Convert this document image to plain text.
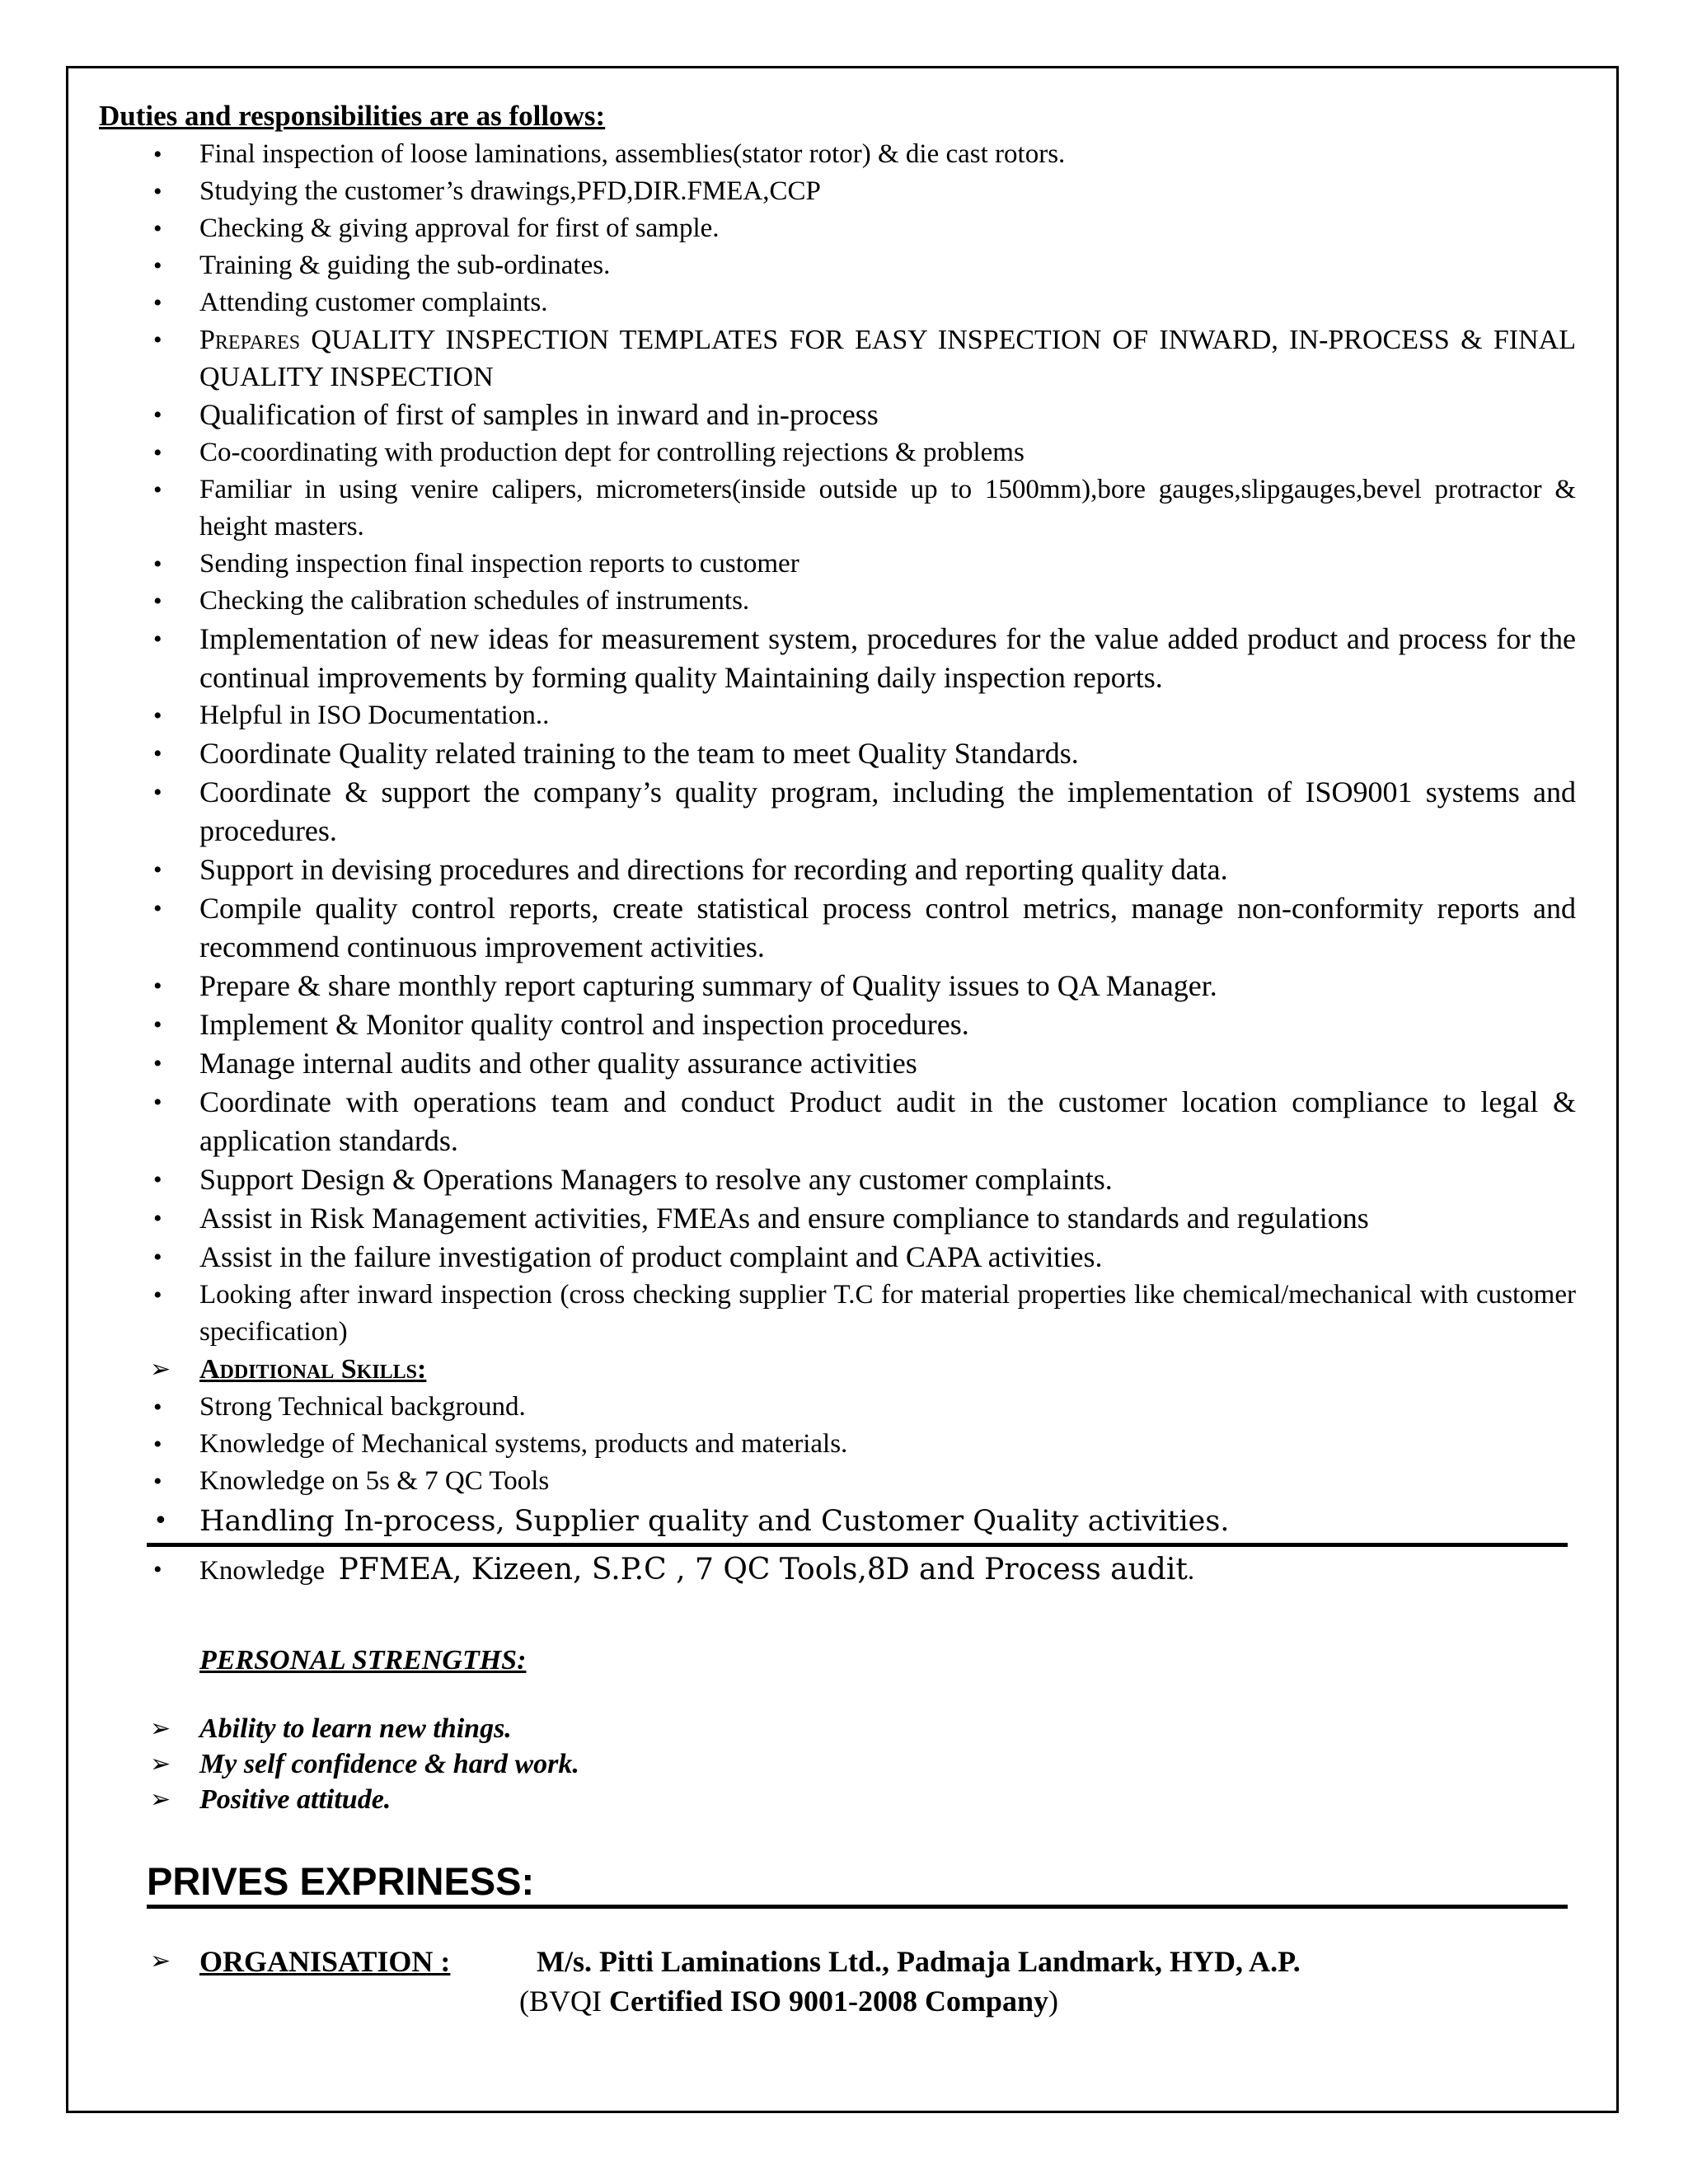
Duties and responsibilities are as follows:
• Final inspection of loose laminations, assemblies(stator rotor) & die cast rotors.
• Studying the customer’s drawings,PFD,DIR.FMEA,CCP
• Checking & giving approval for first of sample.
• Training & guiding the sub-ordinates.
• Attending customer complaints.
• Prepares QUALITY INSPECTION TEMPLATES FOR EASY INSPECTION OF INWARD, IN-PROCESS & FINAL QUALITY INSPECTION
• Qualification of first of samples in inward and in-process
• Co-coordinating with production dept for controlling rejections & problems
• Familiar in using venire calipers, micrometers(inside outside up to 1500mm),bore gauges,slipgauges,bevel protractor & height masters.
• Sending inspection final inspection reports to customer
• Checking the calibration schedules of instruments.
• Implementation of new ideas for measurement system, procedures for the value added product and process for the continual improvements by forming quality Maintaining daily inspection reports.
• Helpful in ISO Documentation..
• Coordinate Quality related training to the team to meet Quality Standards.
• Coordinate & support the company’s quality program, including the implementation of ISO9001 systems and procedures.
• Support in devising procedures and directions for recording and reporting quality data.
• Compile quality control reports, create statistical process control metrics, manage non-conformity reports and recommend continuous improvement activities.
• Prepare & share monthly report capturing summary of Quality issues to QA Manager.
• Implement & Monitor quality control and inspection procedures.
• Manage internal audits and other quality assurance activities
• Coordinate with operations team and conduct Product audit in the customer location compliance to legal & application standards.
• Support Design & Operations Managers to resolve any customer complaints.
• Assist in Risk Management activities, FMEAs and ensure compliance to standards and regulations
• Assist in the failure investigation of product complaint and CAPA activities.
• Looking after inward inspection (cross checking supplier T.C for material properties like chemical/mechanical with customer specification)
➢ Additional Skills:
• Strong Technical background.
• Knowledge of Mechanical systems, products and materials.
• Knowledge on 5s & 7 QC Tools
• Handling In-process, Supplier quality and Customer Quality activities.
• Knowledge PFMEA, Kizeen, S.P.C , 7 QC Tools,8D and Process audit.
PERSONAL STRENGTHS:
➢ Ability to learn new things.
➢ My self confidence & hard work.
➢ Positive attitude.
PRIVES EXPRINESS:
➢ ORGANISATION :	M/s. Pitti Laminations Ltd., Padmaja Landmark, HYD, A.P.
(BVQI Certified ISO 9001-2008 Company)
